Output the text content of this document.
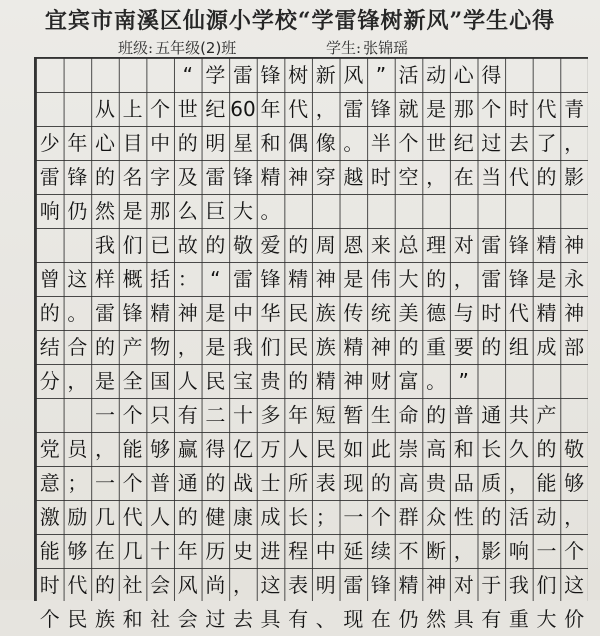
宜宾市南溪区仙源小学校“学雷锋树新风”学生心得
班级: 五年级(2)班	学生: 张锦瑶
“ 学 雷 锋 树 新 风 ” 活 动 心 得
从 上 个 世 纪 60 年 代 ， 雷 锋 就 是 那 个 时 代 青
少 年 心 目 中 的 明 星 和 偶 像 。 半 个 世 纪 过 去 了 ，
雷 锋 的 名 字 及 雷 锋 精 神 穿 越 时 空 ， 在 当 代 的 影
响 仍 然 是 那 么 巨 大 。
我 们 已 故 的 敬 爱 的 周 恩 来 总 理 对 雷 锋 精 神
曾 这 样 概 括 ： “ 雷 锋 精 神 是 伟 大 的 ， 雷 锋 是 永
的 。 雷 锋 精 神 是 中 华 民 族 传 统 美 德 与 时 代 精 神
结 合 的 产 物 ， 是 我 们 民 族 精 神 的 重 要 的 组 成 部
分 ， 是 全 国 人 民 宝 贵 的 精 神 财 富 。 ”
一 个 只 有 二 十 多 年 短 暂 生 命 的 普 通 共 产
党 员 ， 能 够 赢 得 亿 万 人 民 如 此 崇 高 和 长 久 的 敬
意 ； 一 个 普 通 的 战 士 所 表 现 的 高 贵 品 质 ， 能 够
激 励 几 代 人 的 健 康 成 长 ； 一 个 群 众 性 的 活 动 ，
能 够 在 几 十 年 历 史 进 程 中 延 续 不 断 ， 影 响 一 个
时 代 的 社 会 风 尚 ， 这 表 明 雷 锋 精 神 对 于 我 们 这
个 民 族 和 社 会 过 去 具 有 、 现 在 仍 然 具 有 重 大 价
